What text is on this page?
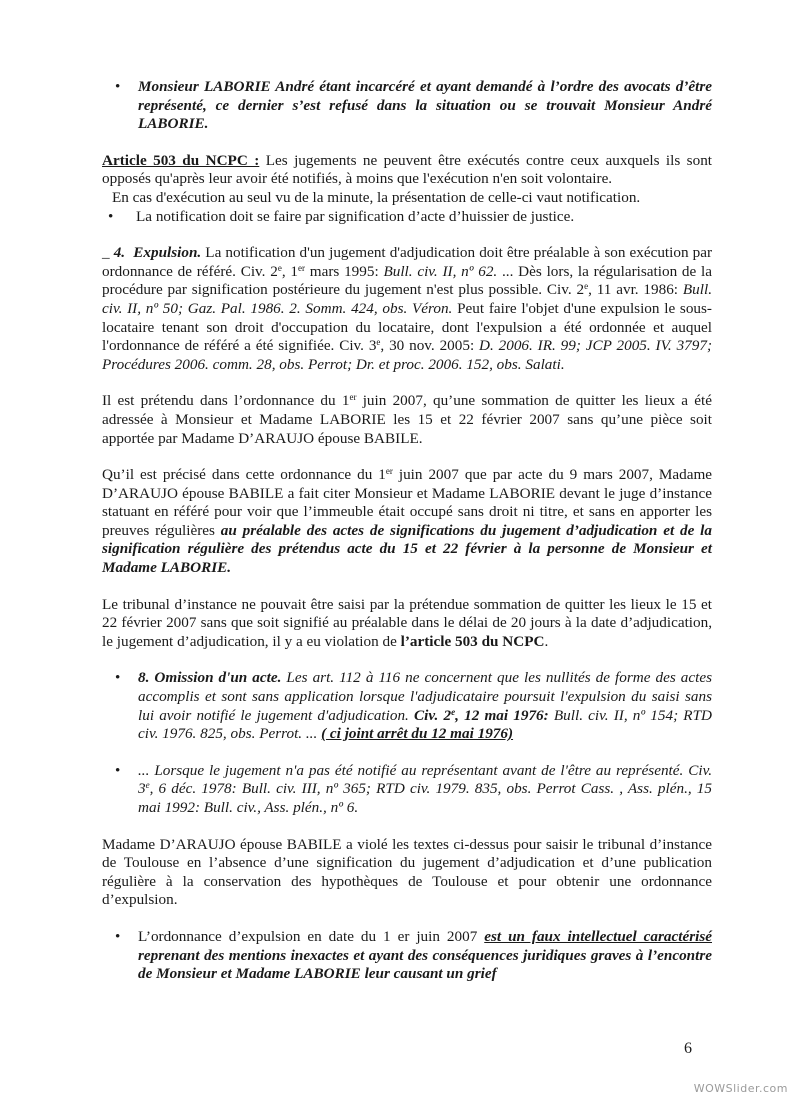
• Monsieur LABORIE André étant incarcéré et ayant demandé à l’ordre des avocats d’être représenté, ce dernier s’est refusé dans la situation ou se trouvait Monsieur André LABORIE.

Article 503 du NCPC : Les jugements ne peuvent être exécutés contre ceux auxquels ils sont opposés qu'après leur avoir été notifiés, à moins que l'exécution n'en soit volontaire.

En cas d'exécution au seul vu de la minute, la présentation de celle-ci vaut notification.

• La notification doit se faire par signification d’acte d’huissier de justice.

_ 4. Expulsion. La notification d'un jugement d'adjudication doit être préalable à son exécution par ordonnance de référé. Civ. 2e, 1er mars 1995: Bull. civ. II, nº 62. ... Dès lors, la régularisation de la procédure par signification postérieure du jugement n'est plus possible. Civ. 2e, 11 avr. 1986: Bull. civ. II, nº 50; Gaz. Pal. 1986. 2. Somm. 424, obs. Véron. Peut faire l'objet d'une expulsion le sous-locataire tenant son droit d'occupation du locataire, dont l'expulsion a été ordonnée et auquel l'ordonnance de référé a été signifiée. Civ. 3e, 30 nov. 2005: D. 2006. IR. 99; JCP 2005. IV. 3797; Procédures 2006. comm. 28, obs. Perrot; Dr. et proc. 2006. 152, obs. Salati.

Il est prétendu dans l’ordonnance du 1er juin 2007, qu’une sommation de quitter les lieux a été adressée à Monsieur et Madame LABORIE les 15 et 22 février 2007 sans qu’une pièce soit apportée par Madame D’ARAUJO épouse BABILE.

Qu’il est précisé dans cette ordonnance du 1er juin 2007 que par acte du 9 mars 2007, Madame D’ARAUJO épouse BABILE a fait citer Monsieur et Madame LABORIE devant le juge d’instance statuant en référé pour voir que l’immeuble était occupé sans droit ni titre, et sans en apporter les preuves régulières au préalable des actes de significations du jugement d’adjudication et de la signification régulière des prétendus acte du 15 et 22 février à la personne de Monsieur et Madame LABORIE.

Le tribunal d’instance ne pouvait être saisi par la prétendue sommation de quitter les lieux le 15 et 22 février 2007 sans que soit signifié au préalable dans le délai de 20 jours à la date d’adjudication, le jugement d’adjudication, il y a eu violation de l’article 503 du NCPC.

• 8. Omission d'un acte. Les art. 112 à 116 ne concernent que les nullités de forme des actes accomplis et sont sans application lorsque l'adjudicataire poursuit l'expulsion du saisi sans lui avoir notifié le jugement d'adjudication. Civ. 2e, 12 mai 1976: Bull. civ. II, nº 154; RTD civ. 1976. 825, obs. Perrot. ... ( ci joint arrêt du 12 mai 1976)
• ... Lorsque le jugement n'a pas été notifié au représentant avant de l'être au représenté. Civ. 3e, 6 déc. 1978: Bull. civ. III, nº 365; RTD civ. 1979. 835, obs. Perrot Cass. , Ass. plén., 15 mai 1992: Bull. civ., Ass. plén., nº 6.

Madame D’ARAUJO épouse BABILE a violé les textes ci-dessus pour saisir le tribunal d’instance de Toulouse en l’absence d’une signification du jugement d’adjudication et d’une publication régulière à la conservation des hypothèques de Toulouse et pour obtenir une ordonnance d’expulsion.

• L’ordonnance d’expulsion en date du 1 er juin 2007 est un faux intellectuel caractérisé reprenant des mentions inexactes et ayant des conséquences juridiques graves à l’encontre de Monsieur et Madame LABORIE leur causant un grief
6
WOWSlider.com
